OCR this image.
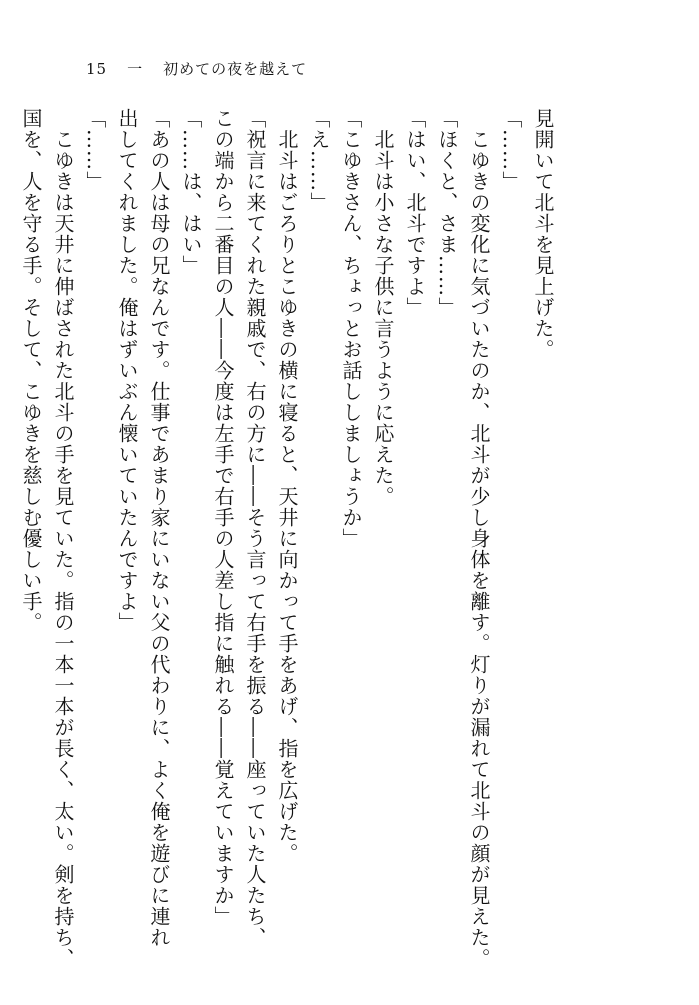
15 一 初めての夜を越えて
見開いて北斗を見上げた。
「……」
　こゆきの変化に気づいたのか、北斗が少し身体を離す。灯りが漏れて北斗の顔が見えた。
「ほくと、さま……」
「はい、北斗ですよ」
　北斗は小さな子供に言うように応えた。
「こゆきさん、ちょっとお話ししましょうか」
「え……」
　北斗はごろりとこゆきの横に寝ると、天井に向かって手をあげ、指を広げた。
「祝言に来てくれた親戚で、右の方に――そう言って右手を振る――座っていた人たち、
この端から二番目の人――今度は左手で右手の人差し指に触れる――覚えていますか」
「……は、はい」
「あの人は母の兄なんです。仕事であまり家にいない父の代わりに、よく俺を遊びに連れ
出してくれました。俺はずいぶん懐いていたんですよ」
「……」
　こゆきは天井に伸ばされた北斗の手を見ていた。指の一本一本が長く、太い。剣を持ち、
国を、人を守る手。そして、こゆきを慈しむ優しい手。
